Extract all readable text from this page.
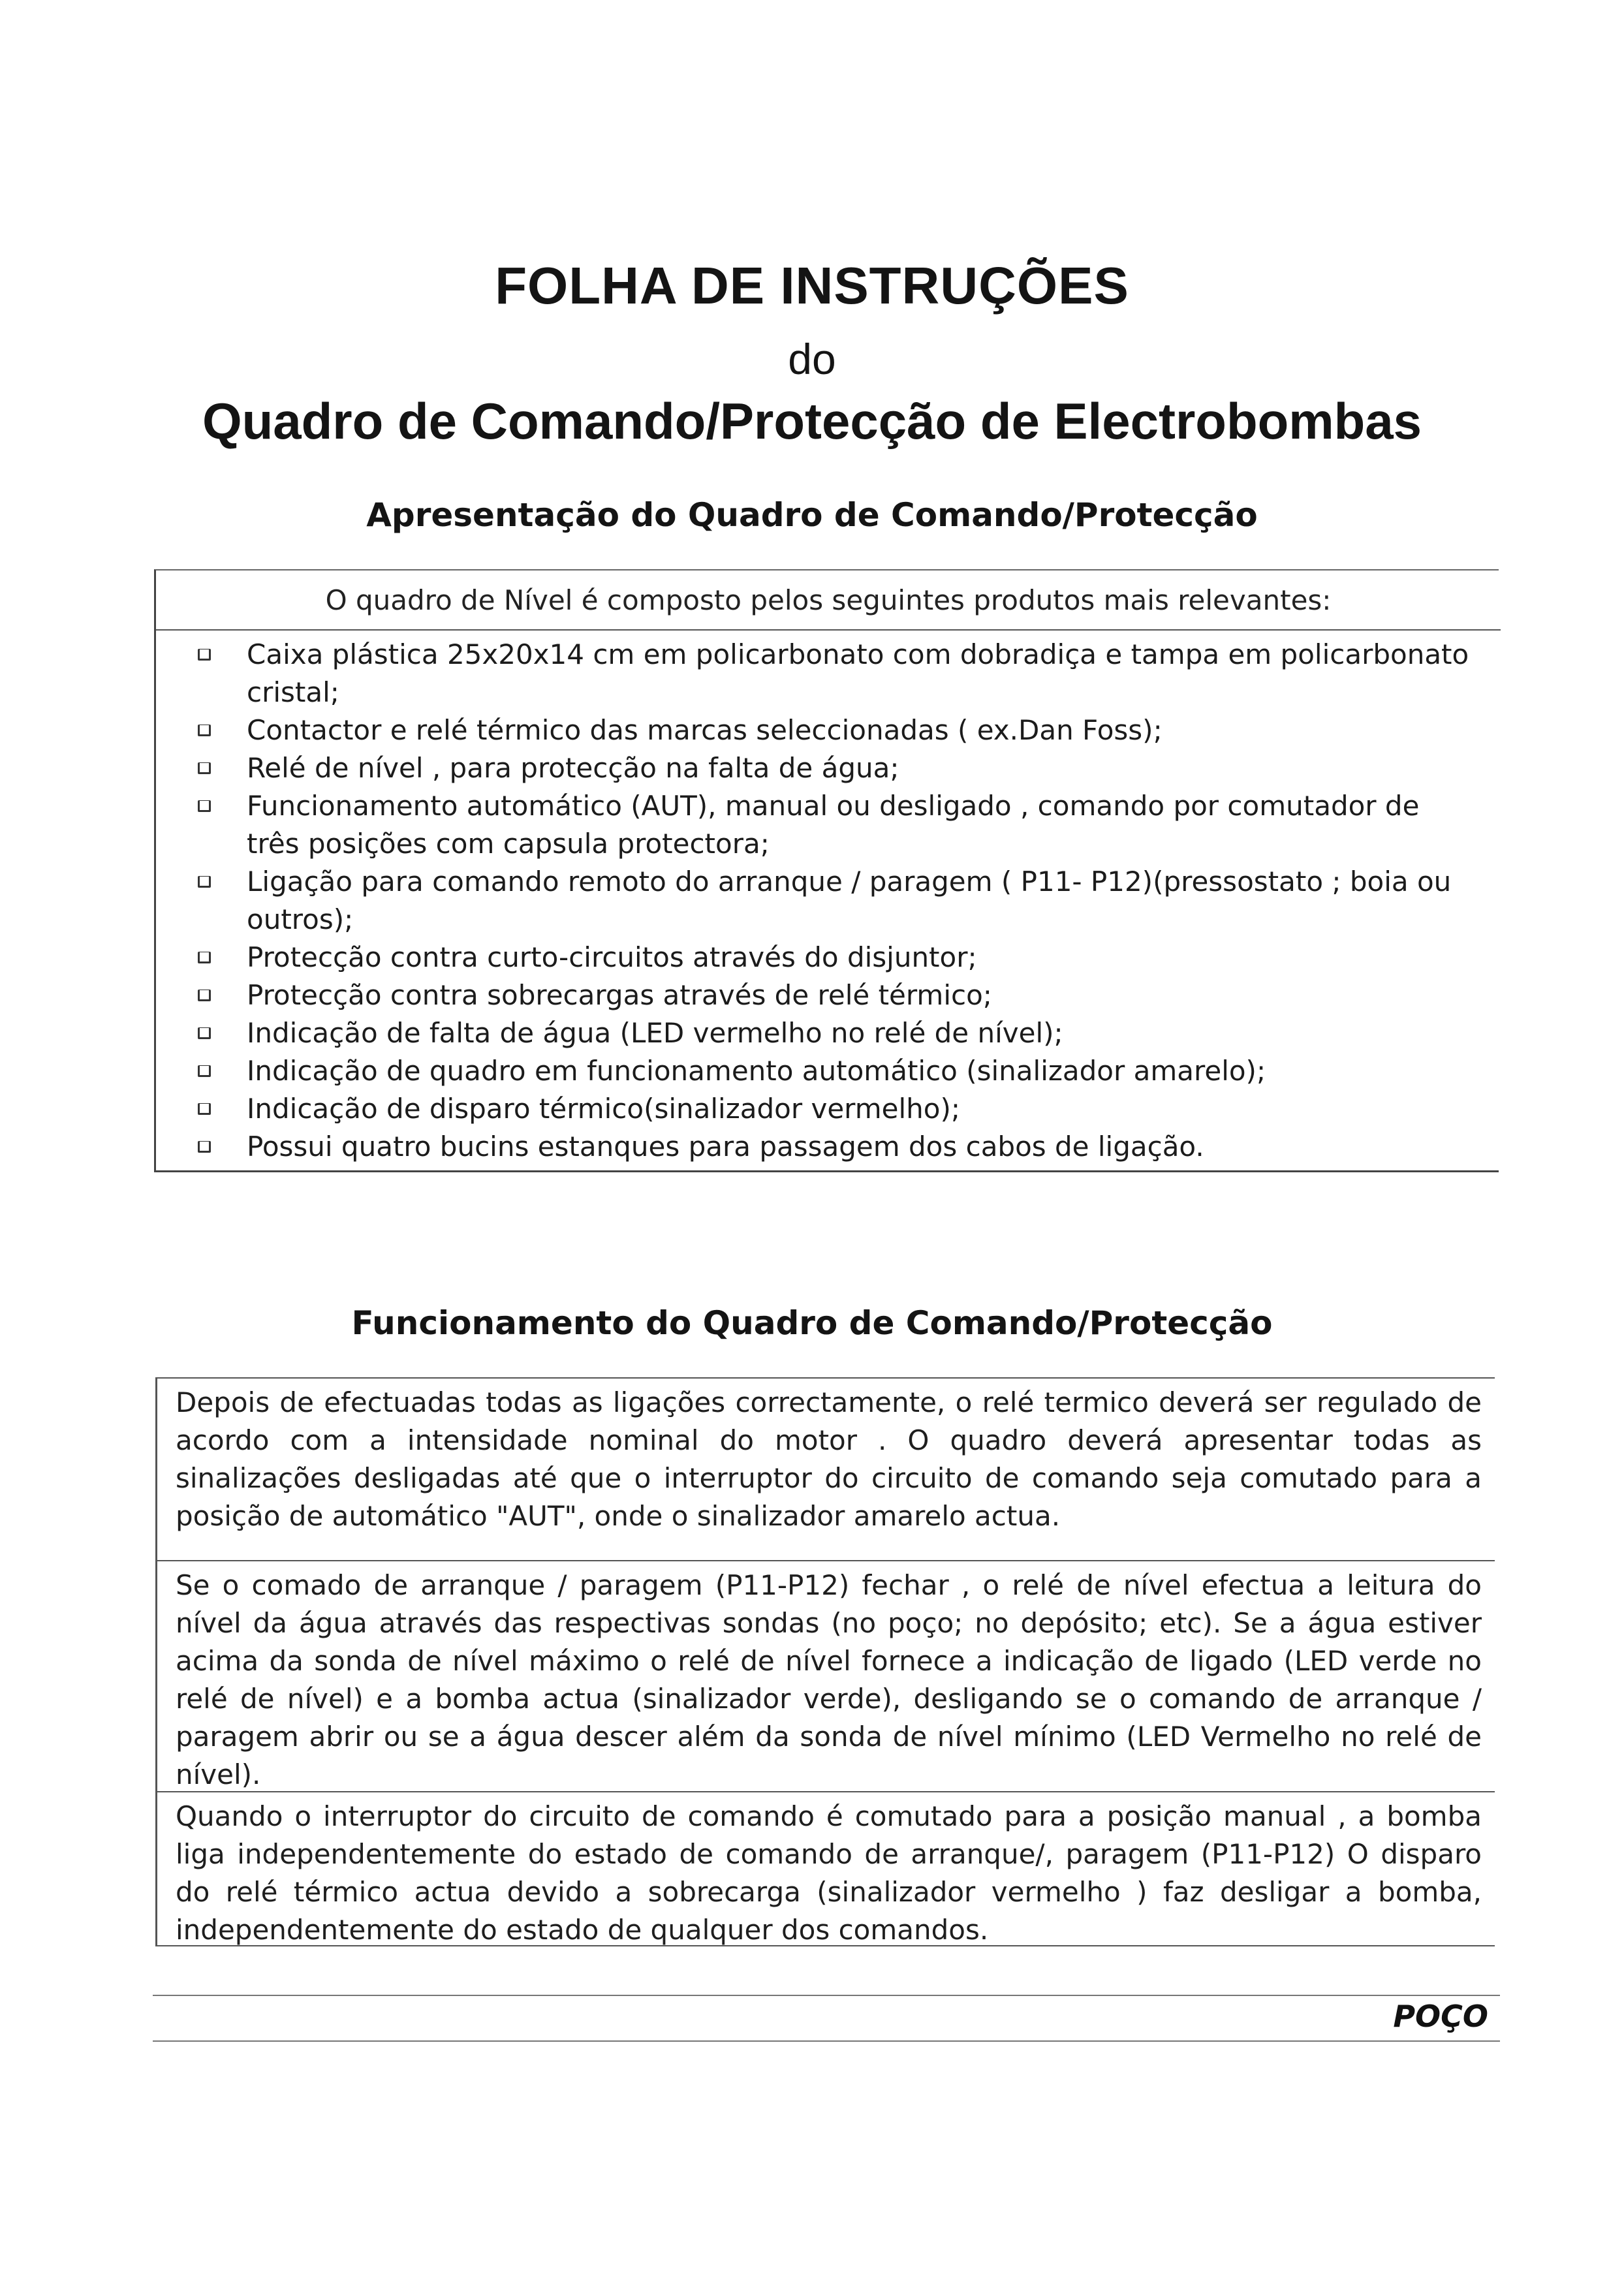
FOLHA DE INSTRUÇÕES
do
Quadro de Comando/Protecção de Electrobombas
Apresentação do Quadro de Comando/Protecção
O quadro de Nível é composto pelos seguintes produtos mais relevantes:
Caixa plástica 25x20x14 cm em policarbonato com dobradiça e tampa em policarbonato cristal;
Contactor e relé térmico das marcas seleccionadas ( ex.Dan Foss);
Relé de nível , para protecção na falta de água;
Funcionamento automático (AUT), manual ou desligado , comando por comutador de três posições com capsula protectora;
Ligação para comando remoto do arranque / paragem ( P11- P12)(pressostato ; boia ou outros);
Protecção contra curto-circuitos através do disjuntor;
Protecção contra sobrecargas através de relé térmico;
Indicação de falta de água (LED vermelho no relé de nível);
Indicação de quadro em funcionamento automático (sinalizador amarelo);
Indicação de disparo térmico(sinalizador vermelho);
Possui quatro bucins estanques para passagem dos cabos de ligação.
Funcionamento do Quadro de Comando/Protecção
Depois de efectuadas todas as ligações correctamente, o relé termico deverá ser regulado de acordo com a intensidade nominal do motor . O quadro deverá apresentar todas as sinalizações desligadas até que o interruptor do circuito de comando seja comutado para a posição de automático "AUT", onde o sinalizador amarelo actua.
Se o comado de arranque / paragem (P11-P12) fechar , o relé de nível efectua a leitura do nível da água através das respectivas sondas (no poço; no depósito; etc). Se a água estiver acima da sonda de nível máximo o relé de nível fornece a indicação de ligado (LED verde no relé de nível) e a bomba actua (sinalizador verde), desligando se o comando de arranque / paragem abrir ou se a água descer além da sonda de nível mínimo (LED Vermelho no relé de nível).
Quando o interruptor do circuito de comando é comutado para a posição manual , a bomba liga independentemente do estado de comando de arranque/, paragem (P11-P12) O disparo do relé térmico actua devido a sobrecarga (sinalizador vermelho ) faz desligar a bomba, independentemente do estado de qualquer dos comandos.
POÇO
